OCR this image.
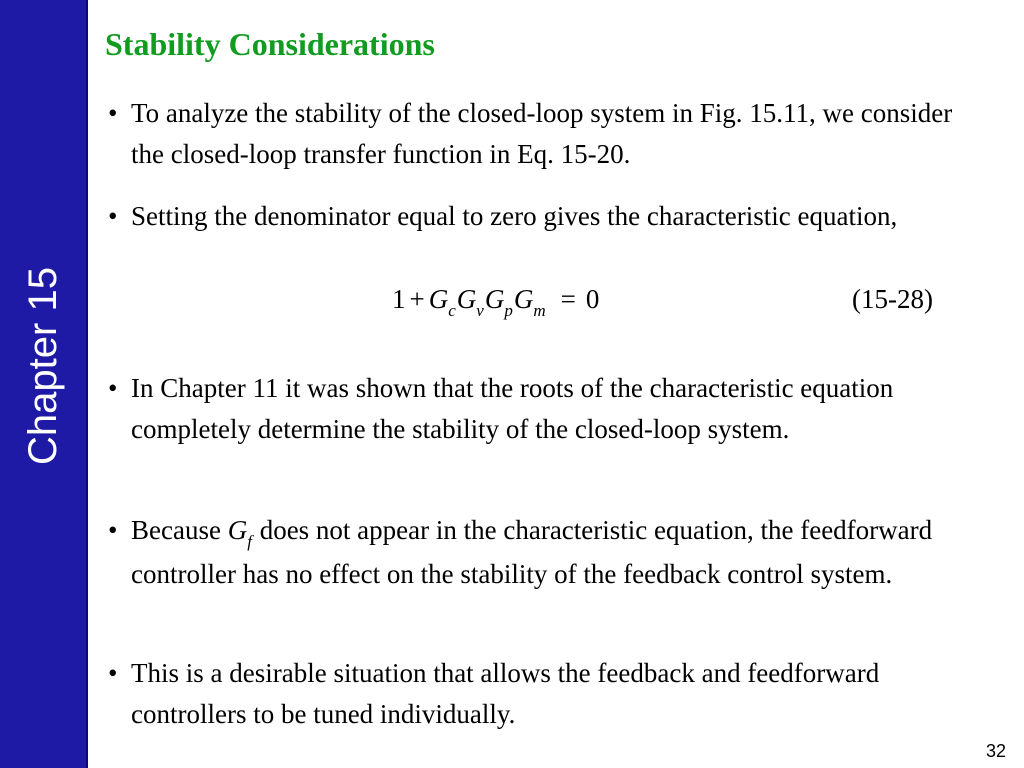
Chapter 15
Stability Considerations
• To analyze the stability of the closed-loop system in Fig. 15.11, we consider the closed-loop transfer function in Eq. 15-20.
• Setting the denominator equal to zero gives the characteristic equation,
• In Chapter 11 it was shown that the roots of the characteristic equation completely determine the stability of the closed-loop system.
• Because $G_f$ does not appear in the characteristic equation, the feedforward controller has no effect on the stability of the feedback control system.
• This is a desirable situation that allows the feedback and feedforward controllers to be tuned individually.
$1 + G_cG_vG_pG_m = 0$	(15-28)
32
